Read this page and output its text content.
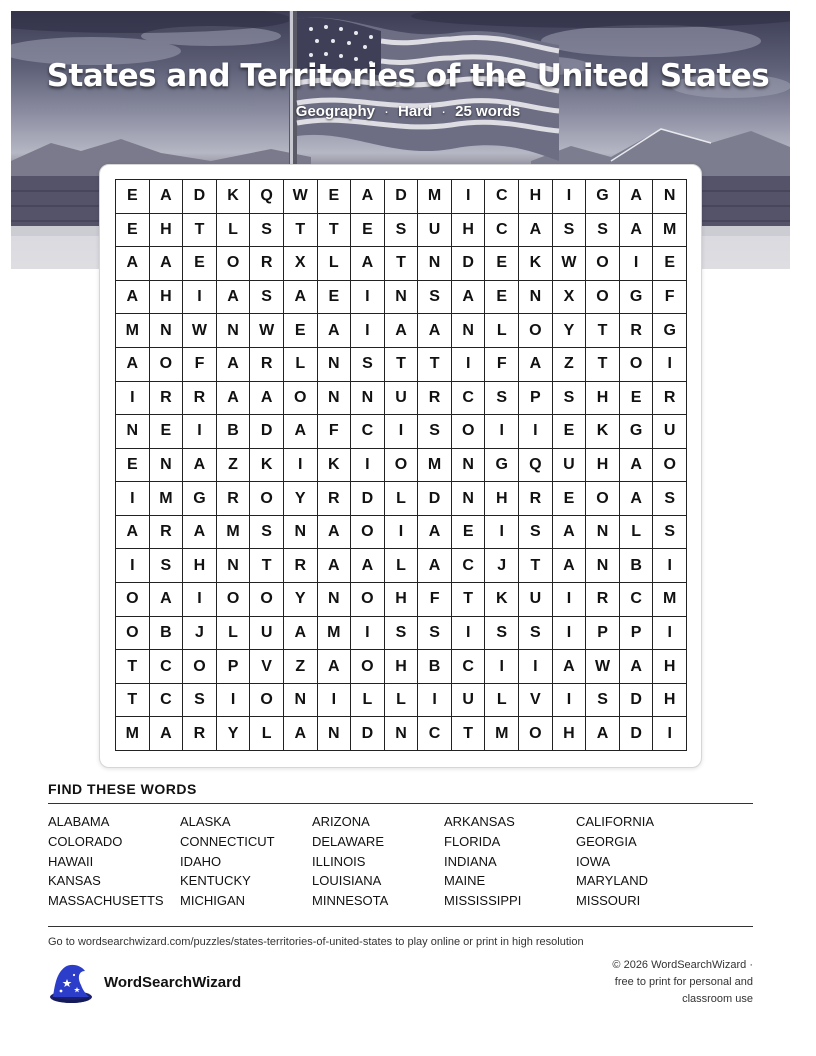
States and Territories of the United States
Geography · Hard · 25 words
E	A	D	K	Q	W	E	A	D	M	I	C	H	I	G	A	N
E	H	T	L	S	T	T	E	S	U	H	C	A	S	S	A	M
A	A	E	O	R	X	L	A	T	N	D	E	K	W	O	I	E
A	H	I	A	S	A	E	I	N	S	A	E	N	X	O	G	F
M	N	W	N	W	E	A	I	A	A	N	L	O	Y	T	R	G
A	O	F	A	R	L	N	S	T	T	I	F	A	Z	T	O	I
I	R	R	A	A	O	N	N	U	R	C	S	P	S	H	E	R
N	E	I	B	D	A	F	C	I	S	O	I	I	E	K	G	U
E	N	A	Z	K	I	K	I	O	M	N	G	Q	U	H	A	O
I	M	G	R	O	Y	R	D	L	D	N	H	R	E	O	A	S
A	R	A	M	S	N	A	O	I	A	E	I	S	A	N	L	S
I	S	H	N	T	R	A	A	L	A	C	J	T	A	N	B	I
O	A	I	O	O	Y	N	O	H	F	T	K	U	I	R	C	M
O	B	J	L	U	A	M	I	S	S	I	S	S	I	P	P	I
T	C	O	P	V	Z	A	O	H	B	C	I	I	A	W	A	H
T	C	S	I	O	N	I	L	L	I	U	L	V	I	S	D	H
M	A	R	Y	L	A	N	D	N	C	T	M	O	H	A	D	I
FIND THESE WORDS
ALABAMA	ALASKA	ARIZONA	ARKANSAS	CALIFORNIA
COLORADO	CONNECTICUT	DELAWARE	FLORIDA	GEORGIA
HAWAII	IDAHO	ILLINOIS	INDIANA	IOWA
KANSAS	KENTUCKY	LOUISIANA	MAINE	MARYLAND
MASSACHUSETTS	MICHIGAN	MINNESOTA	MISSISSIPPI	MISSOURI
Go to wordsearchwizard.com/puzzles/states-territories-of-united-states to play online or print in high resolution
WordSearchWizard
© 2026 WordSearchWizard ·
free to print for personal and
classroom use
